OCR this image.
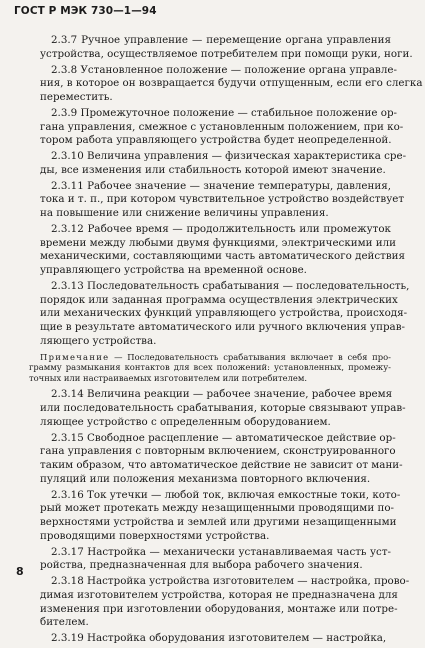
ГОСТ Р МЭК 730—1—94
2.3.7 Ручное управление — перемещение органа управления
устройства, осуществляемое потребителем при помощи руки, ноги.
2.3.8 Установленное положение — положение органа управле-
ния, в которое он возвращается будучи отпущенным, если его слегка
переместить.
2.3.9 Промежуточное положение — стабильное положение ор-
гана управления, смежное с установленным положением, при ко-
тором работа управляющего устройства будет неопределенной.
2.3.10 Величина управления — физическая характеристика сре-
ды, все изменения или стабильность которой имеют значение.
2.3.11 Рабочее значение — значение температуры, давления,
тока и т. п., при котором чувствительное устройство воздействует
на повышение или снижение величины управления.
2.3.12 Рабочее время — продолжительность или промежуток
времени между любыми двумя функциями, электрическими или
механическими, составляющими часть автоматического действия
управляющего устройства на временной основе.
2.3.13 Последовательность срабатывания — последовательность,
порядок или заданная программа осуществления электрических
или механических функций управляющего устройства, происходя-
щие в результате автоматического или ручного включения управ-
ляющего устройства.
Примечание — Последовательность срабатывания включает в себя про-
грамму размыкания контактов для всех положений: установленных, промежу-
точных или настраиваемых изготовителем или потребителем.
2.3.14 Величина реакции — рабочее значение, рабочее время
или последовательность срабатывания, которые связывают управ-
ляющее устройство с определенным оборудованием.
2.3.15 Свободное расцепление — автоматическое действие ор-
гана управления с повторным включением, сконструированного
таким образом, что автоматическое действие не зависит от мани-
пуляций или положения механизма повторного включения.
2.3.16 Ток утечки — любой ток, включая емкостные токи, кото-
рый может протекать между незащищенными проводящими по-
верхностями устройства и землей или другими незащищенными
проводящими поверхностями устройства.
2.3.17 Настройка — механически устанавливаемая часть уст-
ройства, предназначенная для выбора рабочего значения.
2.3.18 Настройка устройства изготовителем — настройка, прово-
димая изготовителем устройства, которая не предназначена для
изменения при изготовлении оборудования, монтаже или потре-
бителем.
2.3.19 Настройка оборудования изготовителем — настройка,
8
